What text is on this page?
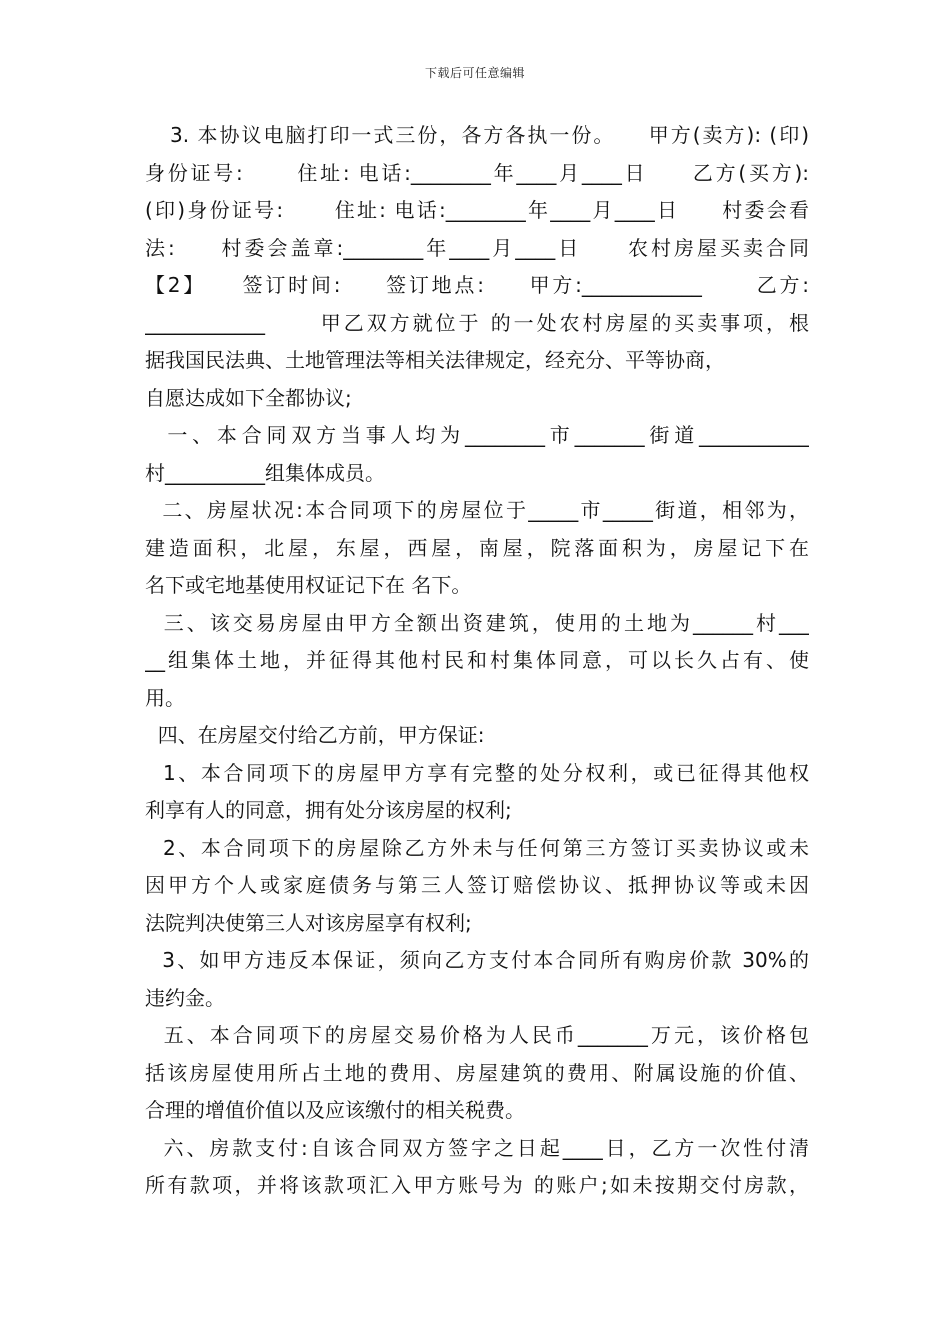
下载后可任意编辑
3. 本协议电脑打印一式三份，各方各执一份。    甲方(卖方): (印)
身份证号:      住址: 电话:________年____月____日     乙方(买方):
(印)身份证号:      住址: 电话:________年____月____日     村委会看
法:     村委会盖章:________年____月____日     农村房屋买卖合同
【2】    签订时间:     签订地点:     甲方:____________      乙方:
____________      甲乙双方就位于 的一处农村房屋的买卖事项，根
据我国民法典、土地管理法等相关法律规定，经充分、平等协商，
自愿达成如下全都协议;
一、本合同双方当事人均为________市_______街道___________
村__________组集体成员。
二、房屋状况:本合同项下的房屋位于_____市_____街道，相邻为，
建造面积，北屋，东屋，西屋，南屋，院落面积为，房屋记下在
名下或宅地基使用权证记下在 名下。
三、该交易房屋由甲方全额出资建筑，使用的土地为______村___
__组集体土地，并征得其他村民和村集体同意，可以长久占有、使
用。
四、在房屋交付给乙方前，甲方保证:
1、本合同项下的房屋甲方享有完整的处分权利，或已征得其他权
利享有人的同意，拥有处分该房屋的权利;
2、本合同项下的房屋除乙方外未与任何第三方签订买卖协议或未
因甲方个人或家庭债务与第三人签订赔偿协议、抵押协议等或未因
法院判决使第三人对该房屋享有权利;
3、如甲方违反本保证，须向乙方支付本合同所有购房价款 30%的
违约金。
五、本合同项下的房屋交易价格为人民币_______万元，该价格包
括该房屋使用所占土地的费用、房屋建筑的费用、附属设施的价值、
合理的增值价值以及应该缴付的相关税费。
六、房款支付:自该合同双方签字之日起____日，乙方一次性付清
所有款项，并将该款项汇入甲方账号为 的账户;如未按期交付房款，
